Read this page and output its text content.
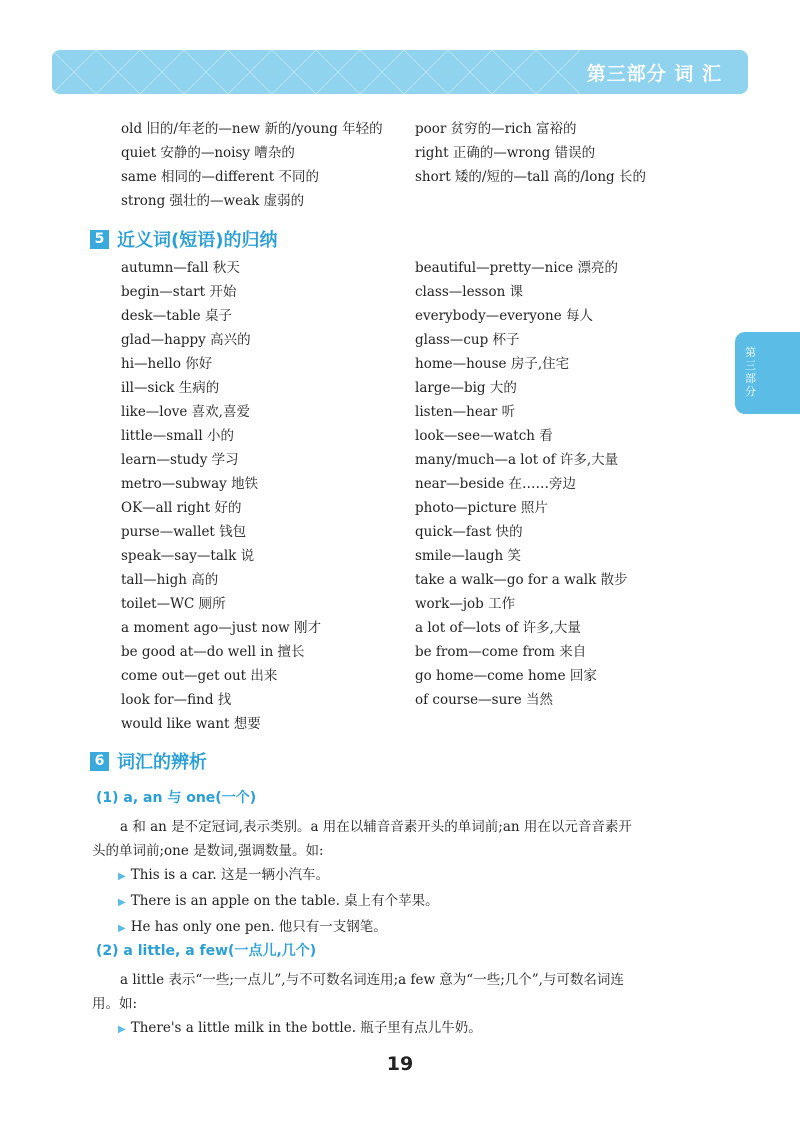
第三部分 词 汇
第三部分
old 旧的/年老的—new 新的/young 年轻的	poor 贫穷的—rich 富裕的
quiet 安静的—noisy 嘈杂的	right 正确的—wrong 错误的
same 相同的—different 不同的	short 矮的/短的—tall 高的/long 长的
strong 强壮的—weak 虚弱的
5 近义词(短语)的归纳
autumn—fall 秋天	beautiful—pretty—nice 漂亮的
begin—start 开始	class—lesson 课
desk—table 桌子	everybody—everyone 每人
glad—happy 高兴的	glass—cup 杯子
hi—hello 你好	home—house 房子,住宅
ill—sick 生病的	large—big 大的
like—love 喜欢,喜爱	listen—hear 听
little—small 小的	look—see—watch 看
learn—study 学习	many/much—a lot of 许多,大量
metro—subway 地铁	near—beside 在……旁边
OK—all right 好的	photo—picture 照片
purse—wallet 钱包	quick—fast 快的
speak—say—talk 说	smile—laugh 笑
tall—high 高的	take a walk—go for a walk 散步
toilet—WC 厕所	work—job 工作
a moment ago—just now 刚才	a lot of—lots of 许多,大量
be good at—do well in 擅长	be from—come from 来自
come out—get out 出来	go home—come home 回家
look for—find 找	of course—sure 当然
would like want 想要
6 词汇的辨析
(1) a, an 与 one(一个)

a 和 an 是不定冠词,表示类别。a 用在以辅音音素开头的单词前;an 用在以元音音素开

头的单词前;one 是数词,强调数量。如:
▶ This is a car. 这是一辆小汽车。
▶ There is an apple on the table. 桌上有个苹果。
▶ He has only one pen. 他只有一支钢笔。
(2) a little, a few(一点儿,几个)

a little 表示“一些;一点儿”,与不可数名词连用;a few 意为“一些;几个”,与可数名词连

用。如:
▶ There's a little milk in the bottle. 瓶子里有点儿牛奶。
19
